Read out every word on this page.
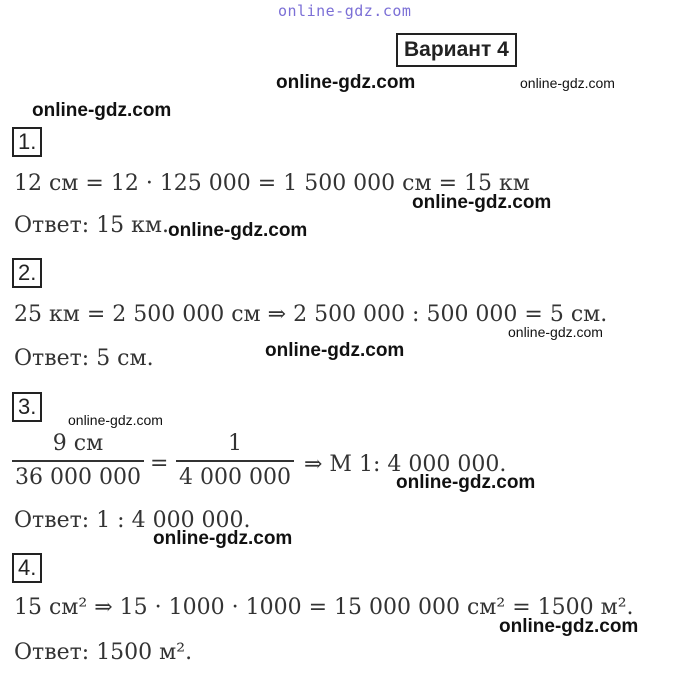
online-gdz.com
Вариант 4
online-gdz.com	online-gdz.com
online-gdz.com
1.
12 см = 12 · 125 000 = 1 500 000 см = 15 км
online-gdz.com
Ответ: 15 км.
online-gdz.com
2.
25 км = 2 500 000 см ⇒ 2 500 000 : 500 000 = 5 см.
online-gdz.com
online-gdz.com
Ответ: 5 см.
3.
online-gdz.com
9 см
36 000 000
=
1
4 000 000
⇒ M 1: 4 000 000.
online-gdz.com
Ответ: 1 : 4 000 000.
online-gdz.com
4.
15 см² ⇒ 15 · 1000 · 1000 = 15 000 000 см² = 1500 м².
online-gdz.com
Ответ: 1500 м².
